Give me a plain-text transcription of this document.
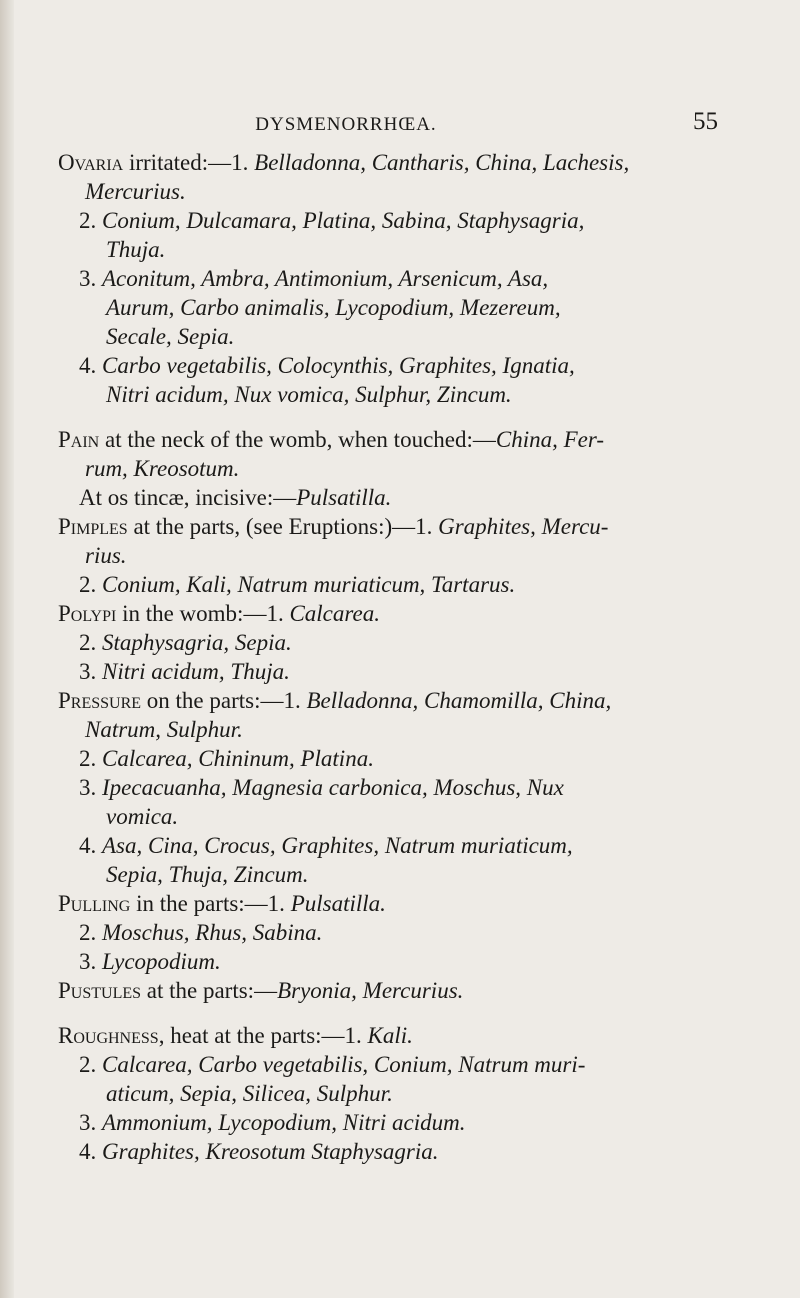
DYSMENORRHŒA.	55
Ovaria irritated:—1. Belladonna, Cantharis, China, Lachesis,
Mercurius.
2. Conium, Dulcamara, Platina, Sabina, Staphysagria,
Thuja.
3. Aconitum, Ambra, Antimonium, Arsenicum, Asa,
Aurum, Carbo animalis, Lycopodium, Mezereum,
Secale, Sepia.
4. Carbo vegetabilis, Colocynthis, Graphites, Ignatia,
Nitri acidum, Nux vomica, Sulphur, Zincum.
Pain at the neck of the womb, when touched:—China, Fer-
rum, Kreosotum.
At os tincæ, incisive:—Pulsatilla.
Pimples at the parts, (see Eruptions:)—1. Graphites, Mercu-
rius.
2. Conium, Kali, Natrum muriaticum, Tartarus.
Polypi in the womb:—1. Calcarea.
2. Staphysagria, Sepia.
3. Nitri acidum, Thuja.
Pressure on the parts:—1. Belladonna, Chamomilla, China,
Natrum, Sulphur.
2. Calcarea, Chininum, Platina.
3. Ipecacuanha, Magnesia carbonica, Moschus, Nux
vomica.
4. Asa, Cina, Crocus, Graphites, Natrum muriaticum,
Sepia, Thuja, Zincum.
Pulling in the parts:—1. Pulsatilla.
2. Moschus, Rhus, Sabina.
3. Lycopodium.
Pustules at the parts:—Bryonia, Mercurius.
Roughness, heat at the parts:—1. Kali.
2. Calcarea, Carbo vegetabilis, Conium, Natrum muri-
aticum, Sepia, Silicea, Sulphur.
3. Ammonium, Lycopodium, Nitri acidum.
4. Graphites, Kreosotum Staphysagria.
